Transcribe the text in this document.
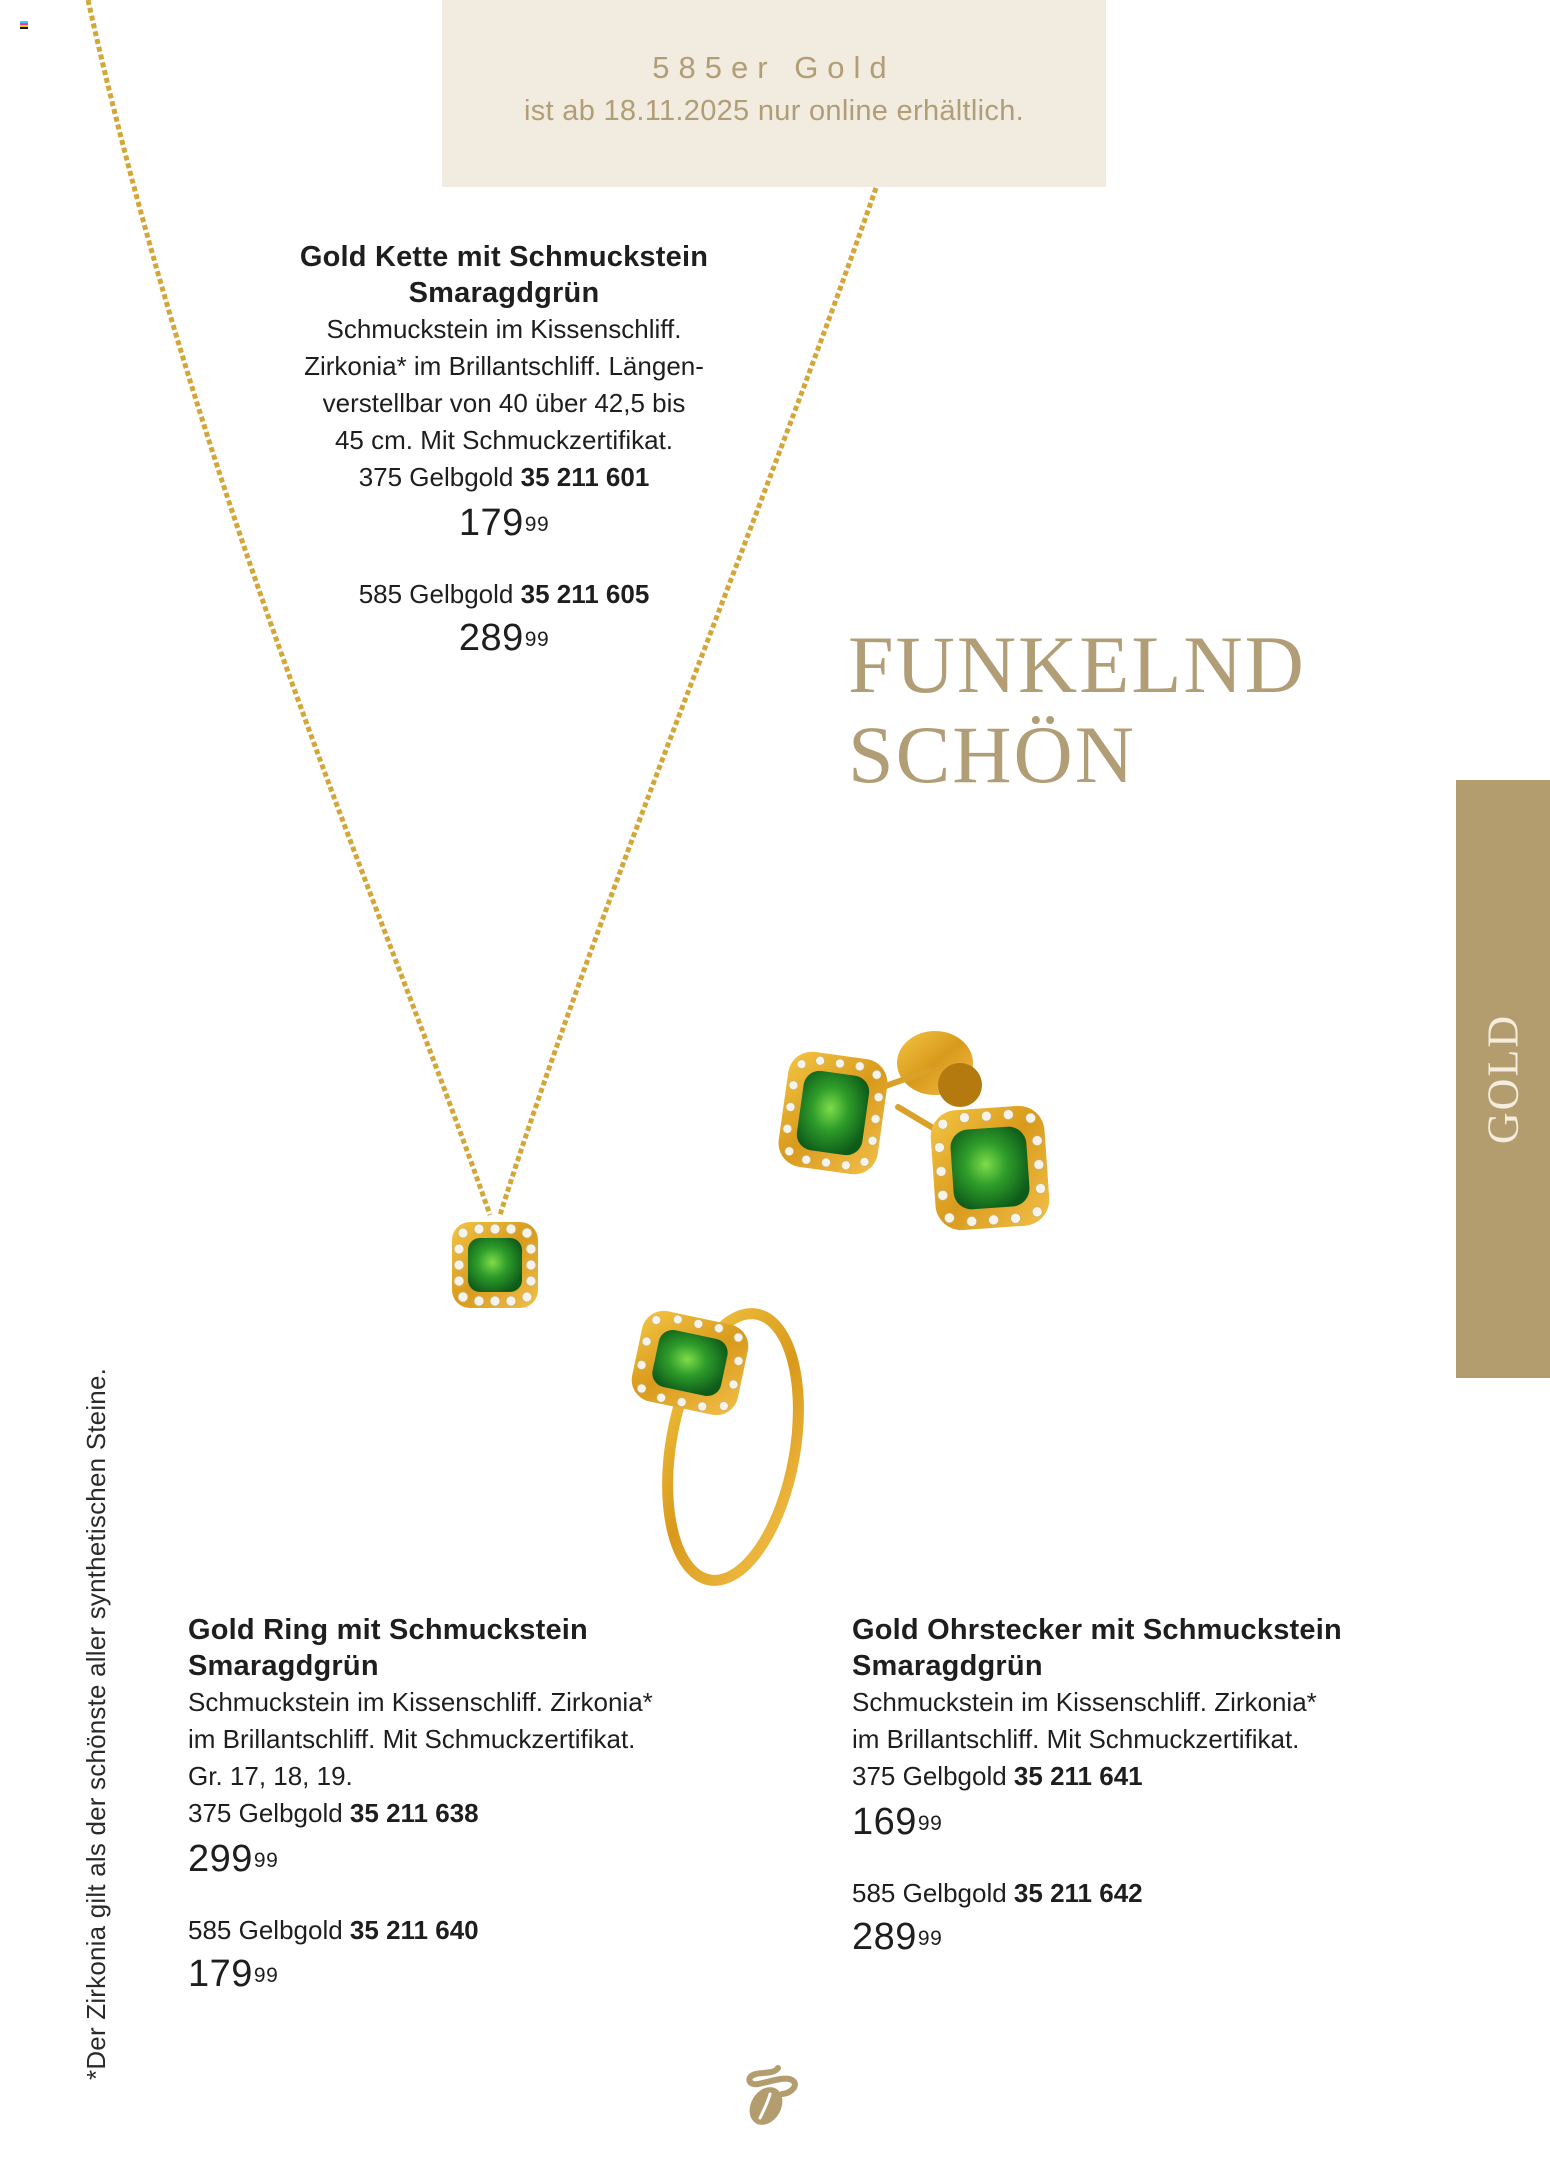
585er Gold
ist ab 18.11.2025 nur online erhältlich.
Gold Kette mit Schmuckstein
Smaragdgrün
Schmuckstein im Kissenschliff.
Zirkonia* im Brillantschliff. Längen-
verstellbar von 40 über 42,5 bis
45 cm. Mit Schmuckzertifikat.
375 Gelbgold 35 211 601
$179^{99}$
585 Gelbgold 35 211 605
$289^{99}$	FUNKELND
SCHÖN
GOLD
*Der Zirkonia gilt als der schönste aller synthetischen Steine.	Gold Ring mit Schmuckstein
Smaragdgrün
Schmuckstein im Kissenschliff. Zirkonia*
im Brillantschliff. Mit Schmuckzertifikat.
Gr. 17, 18, 19.
375 Gelbgold 35 211 638
$299^{99}$
585 Gelbgold 35 211 640
$179^{99}$
Gold Ohrstecker mit Schmuckstein
Smaragdgrün
Schmuckstein im Kissenschliff. Zirkonia*
im Brillantschliff. Mit Schmuckzertifikat.
375 Gelbgold 35 211 641
$169^{99}$
585 Gelbgold 35 211 642
$289^{99}$
